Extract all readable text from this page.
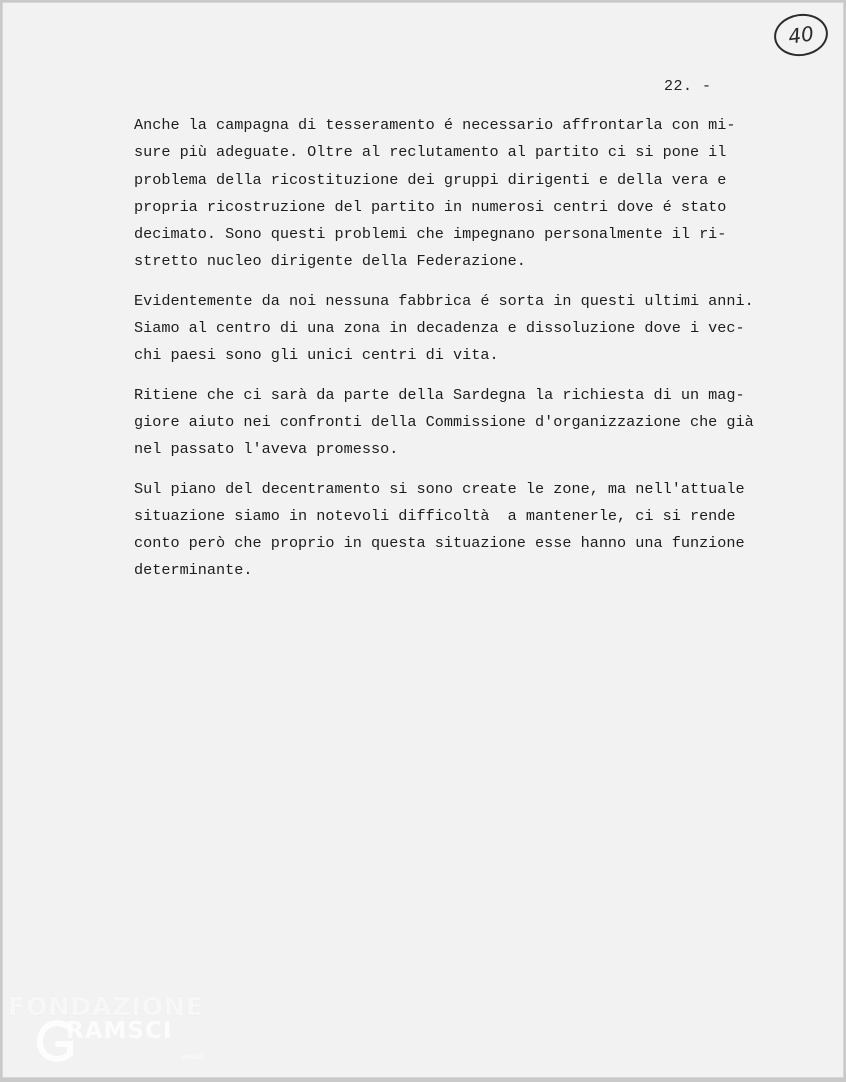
40
22. -
Anche la campagna di tesseramento é necessario affrontarla con mi-
sure più adeguate. Oltre al reclutamento al partito ci si pone il
problema della ricostituzione dei gruppi dirigenti e della vera e
propria ricostruzione del partito in numerosi centri dove é stato
decimato. Sono questi problemi che impegnano personalmente il ri-
stretto nucleo dirigente della Federazione.
Evidentemente da noi nessuna fabbrica é sorta in questi ultimi anni.
Siamo al centro di una zona in decadenza e dissoluzione dove i vec-
chi paesi sono gli unici centri di vita.
Ritiene che ci sarà da parte della Sardegna la richiesta di un mag-
giore aiuto nei confronti della Commissione d'organizzazione che già
nel passato l'aveva promesso.
Sul piano del decentramento si sono create le zone, ma nell'attuale
situazione siamo in notevoli difficoltà  a mantenerle, ci si rende
conto però che proprio in questa situazione esse hanno una funzione
determinante.
FONDAZIONE
RAMSCI
onlus
